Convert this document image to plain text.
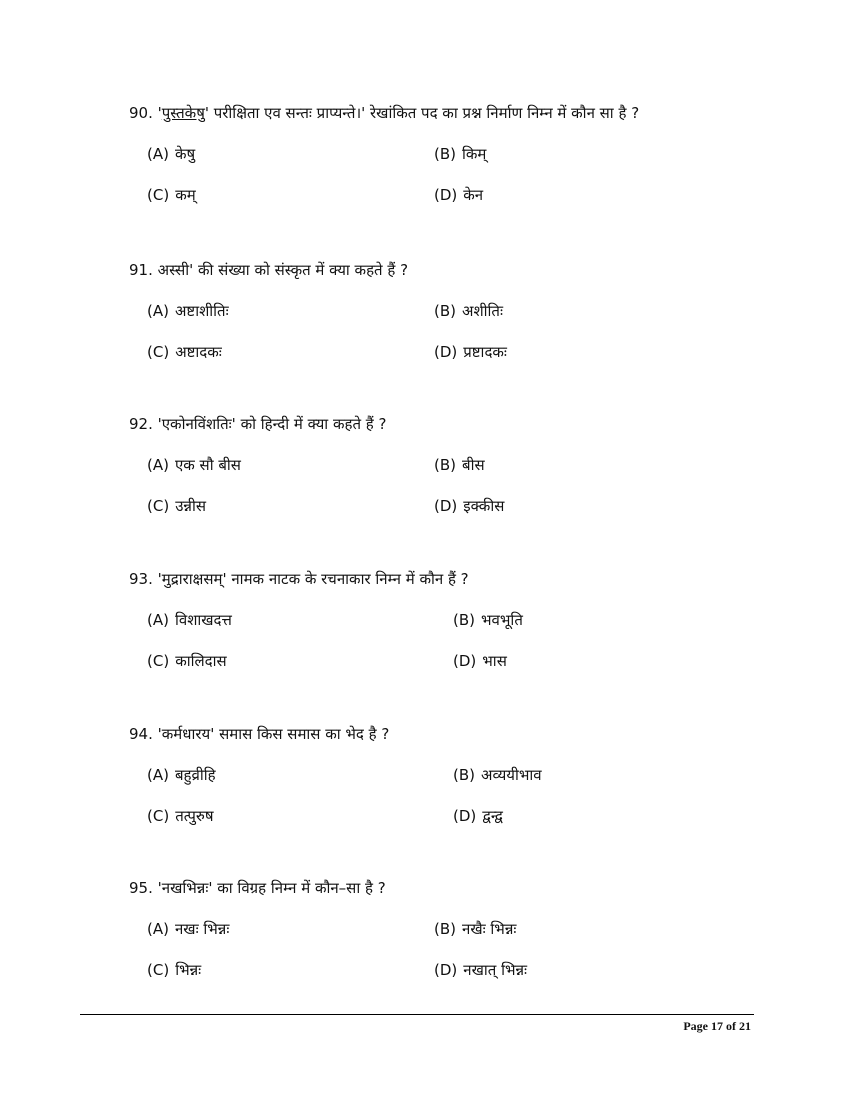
90. 'पुस्तकेषु' परीक्षिता एव सन्तः प्राप्यन्ते।' रेखांकित पद का प्रश्न निर्माण निम्न में कौन सा है ?
(A) केषु	(B) किम्
(C) कम्	(D) केन
91. अस्सी' की संख्या को संस्कृत में क्या कहते हैं ?
(A) अष्टाशीतिः	(B) अशीतिः
(C) अष्टादकः	(D) प्रष्टादकः
92. 'एकोनविंशतिः' को हिन्दी में क्या कहते हैं ?
(A) एक सौ बीस	(B) बीस
(C) उन्नीस	(D) इक्कीस
93. 'मुद्राराक्षसम्' नामक नाटक के रचनाकार निम्न में कौन हैं ?
(A) विशाखदत्त	(B) भवभूति
(C) कालिदास	(D) भास
94. 'कर्मधारय' समास किस समास का भेद है ?
(A) बहुव्रीहि	(B) अव्ययीभाव
(C) तत्पुरुष	(D) द्वन्द्व
95. 'नखभिन्नः' का विग्रह निम्न में कौन–सा है ?
(A) नखः भिन्नः	(B) नखैः भिन्नः
(C) भिन्नः	(D) नखात् भिन्नः
Page 17 of 21
